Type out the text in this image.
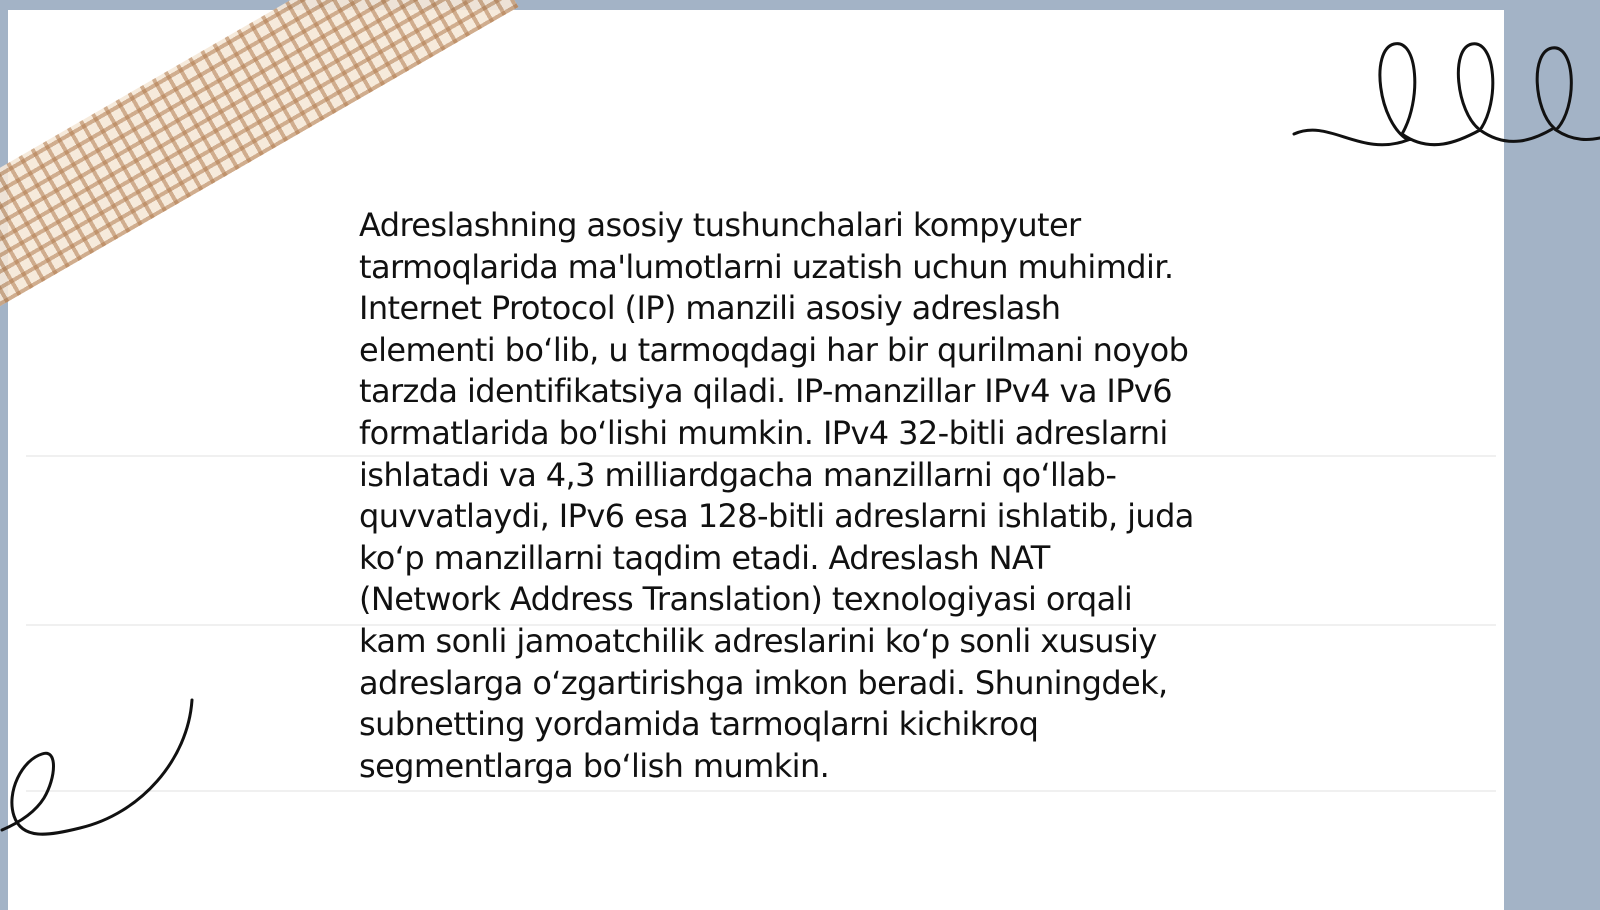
Adreslashning asosiy tushunchalari kompyuter
tarmoqlarida ma'lumotlarni uzatish uchun muhimdir.
Internet Protocol (IP) manzili asosiy adreslash
elementi bo‘lib, u tarmoqdagi har bir qurilmani noyob
tarzda identifikatsiya qiladi. IP-manzillar IPv4 va IPv6
formatlarida bo‘lishi mumkin. IPv4 32-bitli adreslarni
ishlatadi va 4,3 milliardgacha manzillarni qo‘llab-
quvvatlaydi, IPv6 esa 128-bitli adreslarni ishlatib, juda
ko‘p manzillarni taqdim etadi. Adreslash NAT
(Network Address Translation) texnologiyasi orqali
kam sonli jamoatchilik adreslarini ko‘p sonli xususiy
adreslarga o‘zgartirishga imkon beradi. Shuningdek,
subnetting yordamida tarmoqlarni kichikroq
segmentlarga bo‘lish mumkin.
